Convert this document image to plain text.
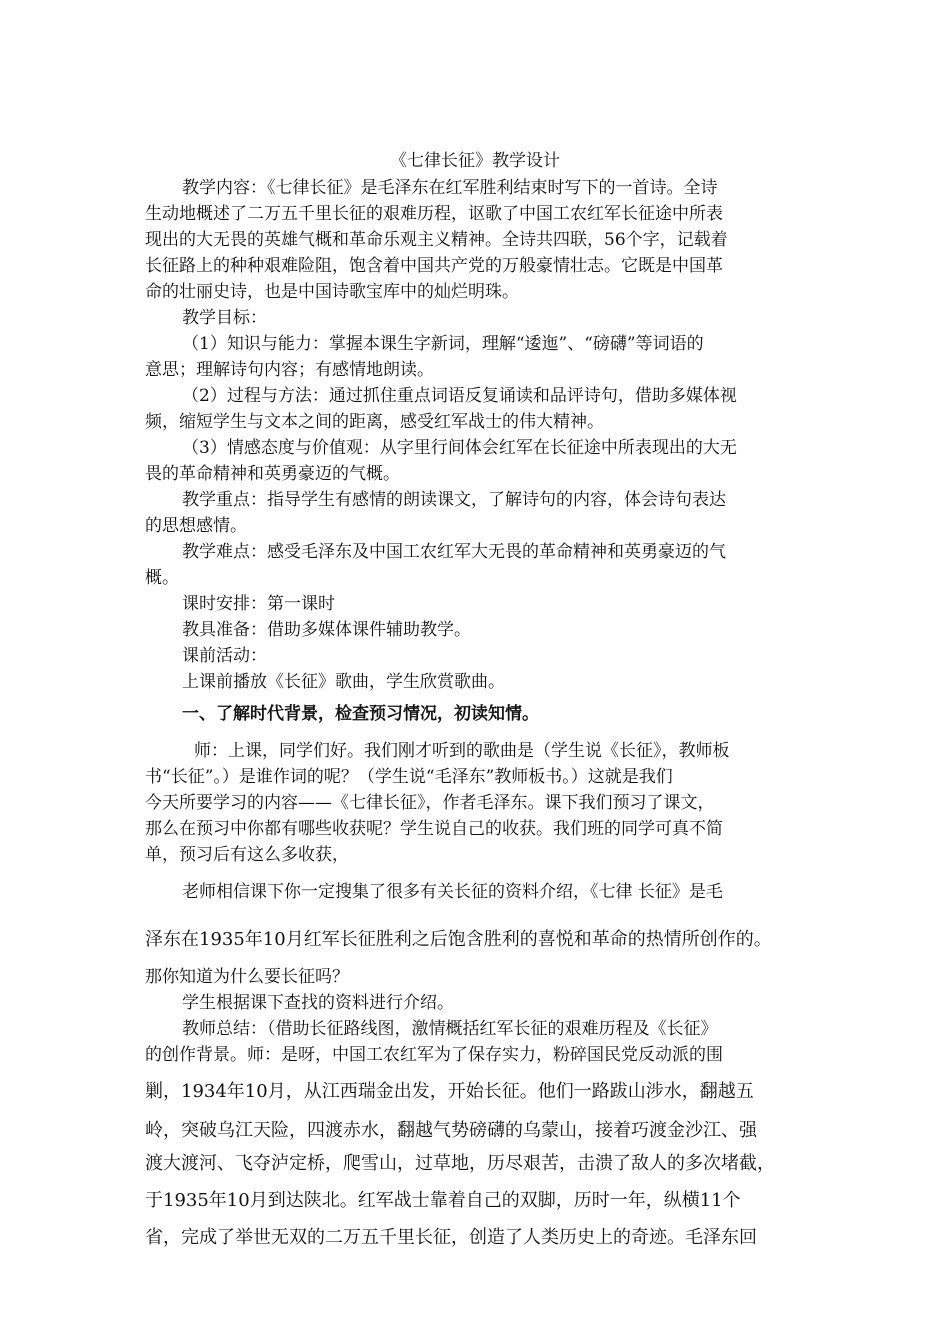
《七律长征》教学设计
教学内容：《七律长征》是毛泽东在红军胜利结束时写下的一首诗。全诗
生动地概述了二万五千里长征的艰难历程，讴歌了中国工农红军长征途中所表
现出的大无畏的英雄气概和革命乐观主义精神。全诗共四联，56个字，记载着
长征路上的种种艰难险阻，饱含着中国共产党的万般豪情壮志。它既是中国革
命的壮丽史诗，也是中国诗歌宝库中的灿烂明珠。
教学目标：
（1）知识与能力：掌握本课生字新词，理解“逶迤”、“磅礴”等词语的
意思；理解诗句内容；有感情地朗读。
（2）过程与方法：通过抓住重点词语反复诵读和品评诗句，借助多媒体视
频，缩短学生与文本之间的距离，感受红军战士的伟大精神。
（3）情感态度与价值观：从字里行间体会红军在长征途中所表现出的大无
畏的革命精神和英勇豪迈的气概。
教学重点：指导学生有感情的朗读课文，了解诗句的内容，体会诗句表达
的思想感情。
教学难点：感受毛泽东及中国工农红军大无畏的革命精神和英勇豪迈的气
概。
课时安排：第一课时
教具准备：借助多媒体课件辅助教学。
课前活动：
上课前播放《长征》歌曲，学生欣赏歌曲。
一、了解时代背景，检查预习情况，初读知情。
师：上课，同学们好。我们刚才听到的歌曲是（学生说《长征》，教师板
书“长征”。）是谁作词的呢？（学生说“毛泽东”教师板书。）这就是我们
今天所要学习的内容——《七律长征》，作者毛泽东。课下我们预习了课文，
那么在预习中你都有哪些收获呢？学生说自己的收获。我们班的同学可真不简
单，预习后有这么多收获，
老师相信课下你一定搜集了很多有关长征的资料介绍，《七律 长征》是毛
泽东在1935年10月红军长征胜利之后饱含胜利的喜悦和革命的热情所创作的。
那你知道为什么要长征吗？
学生根据课下查找的资料进行介绍。
教师总结：（借助长征路线图，激情概括红军长征的艰难历程及《长征》
的创作背景。师：是呀，中国工农红军为了保存实力，粉碎国民党反动派的围
剿，1934年10月，从江西瑞金出发，开始长征。他们一路跋山涉水，翻越五
岭，突破乌江天险，四渡赤水，翻越气势磅礴的乌蒙山，接着巧渡金沙江、强
渡大渡河、飞夺泸定桥，爬雪山，过草地，历尽艰苦，击溃了敌人的多次堵截，
于1935年10月到达陕北。红军战士靠着自己的双脚，历时一年，纵横11个
省，完成了举世无双的二万五千里长征，创造了人类历史上的奇迹。毛泽东回
